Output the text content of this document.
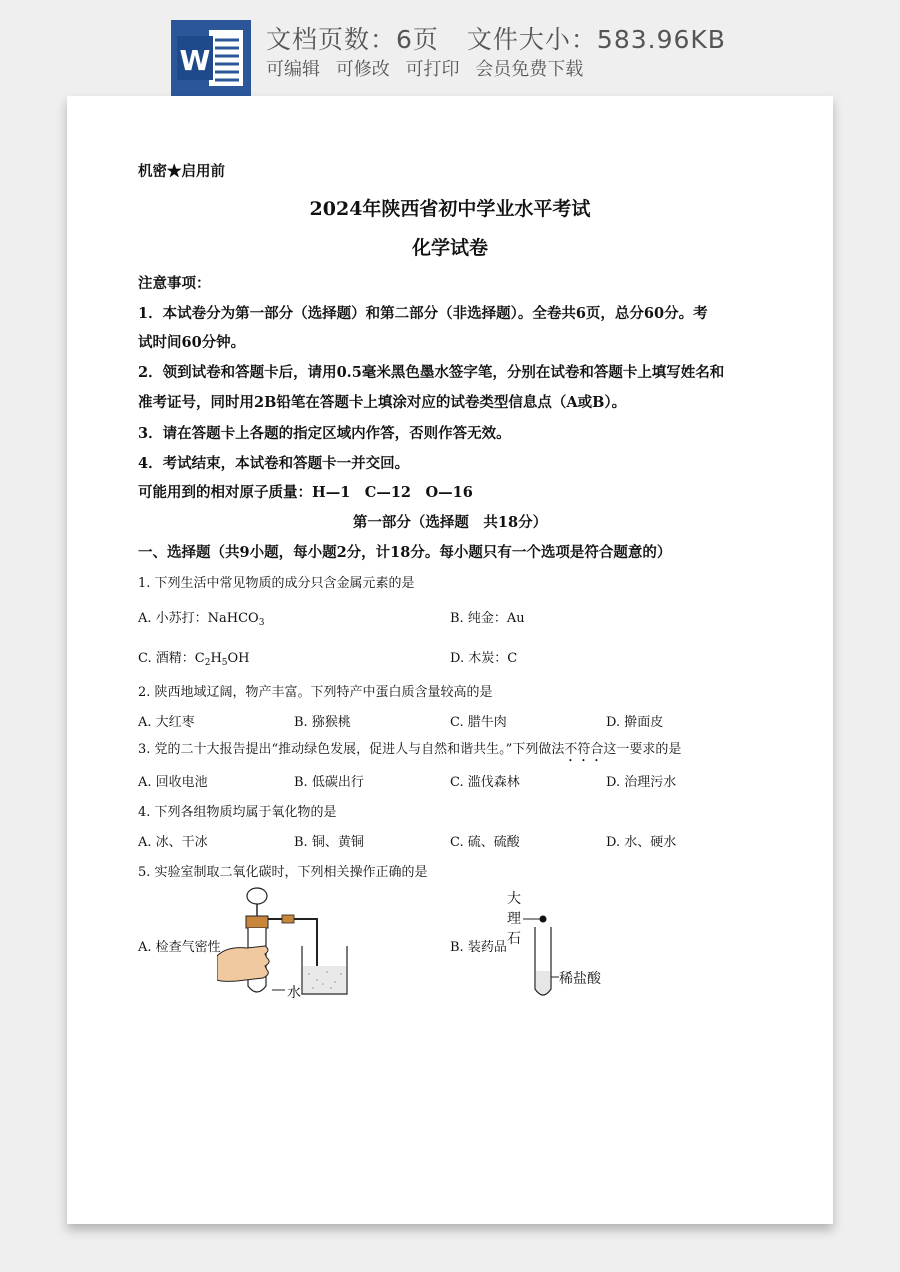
W
文档页数：6页 文件大小：583.96KB
可编辑 可修改 可打印 会员免费下载
机密★启用前
2024年陕西省初中学业水平考试
化学试卷
注意事项：
1．本试卷分为第一部分（选择题）和第二部分（非选择题）。全卷共6页，总分60分。考
试时间60分钟。
2．领到试卷和答题卡后，请用0.5毫米黑色墨水签字笔，分别在试卷和答题卡上填写姓名和
准考证号，同时用2B铅笔在答题卡上填涂对应的试卷类型信息点（A或B）。
3．请在答题卡上各题的指定区域内作答，否则作答无效。
4．考试结束，本试卷和答题卡一并交回。
可能用到的相对原子质量：H—1　C—12　O—16
第一部分（选择题　共18分）
一、选择题（共9小题，每小题2分，计18分。每小题只有一个选项是符合题意的）
1. 下列生活中常见物质的成分只含金属元素的是
A. 小苏打：NaHCO$_3$	B. 纯金：Au
C. 酒精：$C_2H_5OH$	D. 木炭：C
2. 陕西地域辽阔，物产丰富。下列特产中蛋白质含量较高的是
A. 大红枣	B. 猕猴桃	C. 腊牛肉	D. 擀面皮
3. 党的二十大报告提出“推动绿色发展，促进人与自然和谐共生。”下列做法不符合这一要求的是
A. 回收电池	B. 低碳出行	C. 滥伐森林	D. 治理污水
4. 下列各组物质均属于氧化物的是
A. 冰、干冰	B. 铜、黄铜	C. 硫、硫酸	D. 水、硬水
5. 实验室制取二氧化碳时，下列相关操作正确的是
A. 检查气密性	B. 装药品
水
大
理
石
稀盐酸
